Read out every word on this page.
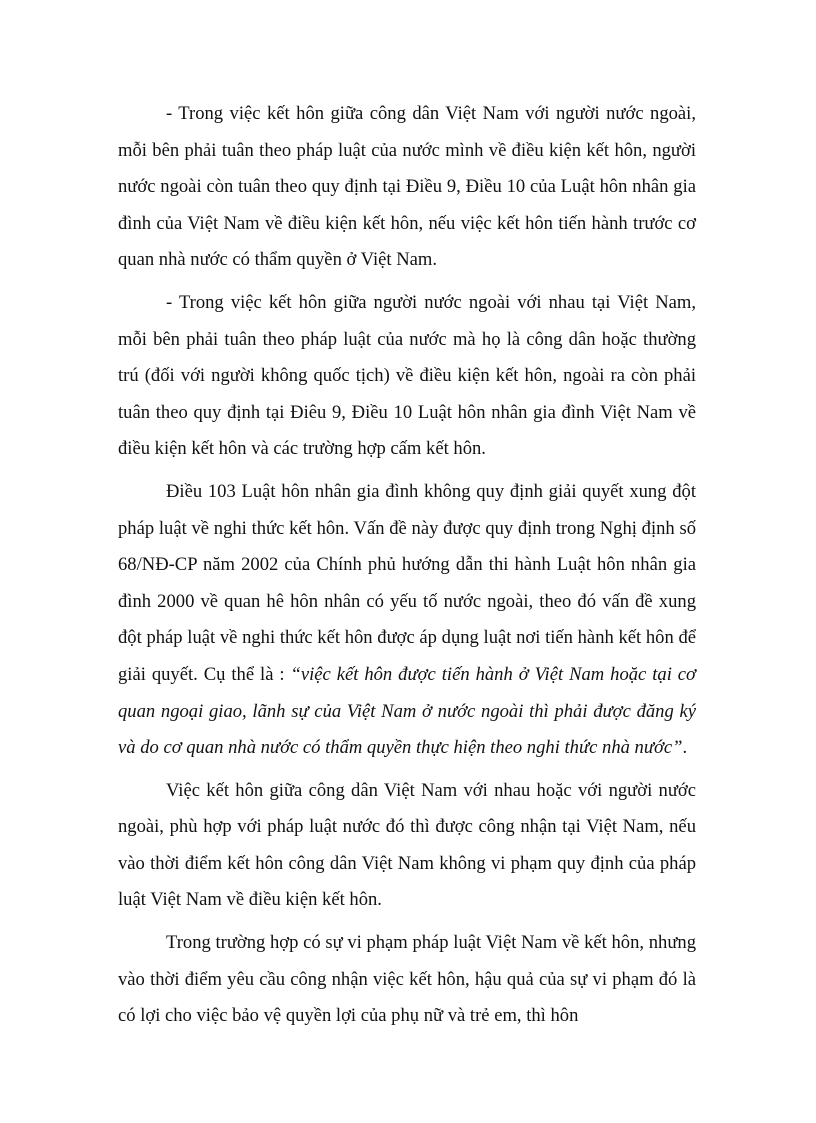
- Trong việc kết hôn giữa công dân Việt Nam với người nước ngoài, mỗi bên phải tuân theo pháp luật của nước mình về điều kiện kết hôn, người nước ngoài còn tuân theo quy định tại Điều 9, Điều 10 của Luật hôn nhân gia đình của Việt Nam về điều kiện kết hôn, nếu việc kết hôn tiến hành trước cơ quan nhà nước có thẩm quyền ở Việt Nam.

- Trong việc kết hôn giữa người nước ngoài với nhau tại Việt Nam, mỗi bên phải tuân theo pháp luật của nước mà họ là công dân hoặc thường trú (đối với người không quốc tịch) về điều kiện kết hôn, ngoài ra còn phải tuân theo quy định tại Điêu 9, Điều 10 Luật hôn nhân gia đình Việt Nam về điều kiện kết hôn và các trường hợp cấm kết hôn.

Điều 103 Luật hôn nhân gia đình không quy định giải quyết xung đột pháp luật về nghi thức kết hôn. Vấn đề này được quy định trong Nghị định số 68/NĐ-CP năm 2002 của Chính phủ hướng dẫn thi hành Luật hôn nhân gia đình 2000 về quan hê hôn nhân có yếu tố nước ngoài, theo đó vấn đề xung đột pháp luật về nghi thức kết hôn được áp dụng luật nơi tiến hành kết hôn để giải quyết. Cụ thể là : “việc kết hôn được tiến hành ở Việt Nam hoặc tại cơ quan ngoại giao, lãnh sự của Việt Nam ở nước ngoài thì phải được đăng ký và do cơ quan nhà nước có thẩm quyền thực hiện theo nghi thức nhà nước”.

Việc kết hôn giữa công dân Việt Nam với nhau hoặc với người nước ngoài, phù hợp với pháp luật nước đó thì được công nhận tại Việt Nam, nếu vào thời điểm kết hôn công dân Việt Nam không vi phạm quy định của pháp luật Việt Nam về điều kiện kết hôn.

Trong trường hợp có sự vi phạm pháp luật Việt Nam về kết hôn, nhưng vào thời điểm yêu cầu công nhận việc kết hôn, hậu quả của sự vi phạm đó là có lợi cho việc bảo vệ quyền lợi của phụ nữ và trẻ em, thì hôn
